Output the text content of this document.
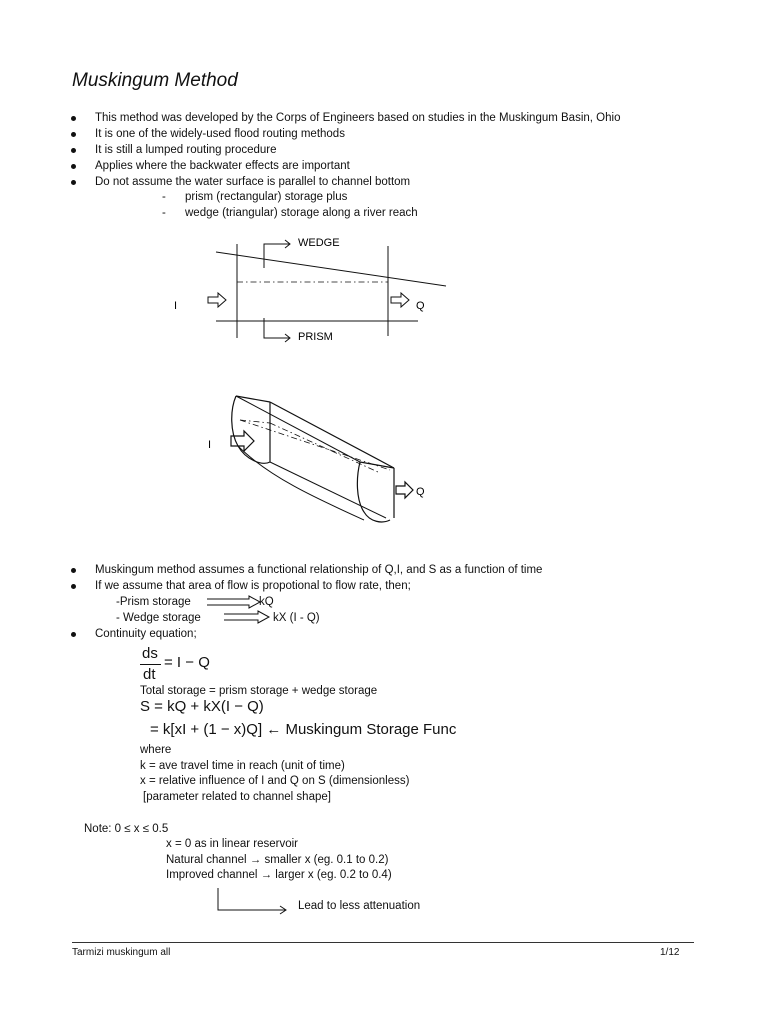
Muskingum Method
This method was developed by the Corps of Engineers based on studies in the Muskingum Basin, Ohio
It is one of the widely-used flood routing methods
It is still a lumped routing procedure
Applies where the backwater effects are important
Do not assume the water surface is parallel to channel bottom
- prism (rectangular) storage plus
- wedge (triangular) storage along a river reach
WEDGE
PRISM
I	Q
I
Q
Muskingum method assumes a functional relationship of Q,I, and S as a function of time
If we assume that area of flow is propotional to flow rate, then;
-Prism storage	kQ
- Wedge storage	kX (I - Q)
Continuity equation;
ds
dt
= I − Q
Total storage = prism storage + wedge storage
S = kQ + kX(I − Q)
= k[xI + (1 − x)Q] ← Muskingum Storage Func
where
k = ave travel time in reach (unit of time)
x = relative influence of I and Q on S (dimensionless)
[parameter related to channel shape]
Note: 0 ≤ x ≤ 0.5
x = 0 as in linear reservoir
Natural channel → smaller x (eg. 0.1 to 0.2)
Improved channel → larger x (eg. 0.2 to 0.4)
Lead to less attenuation
Tarmizi muskingum all	1/12
